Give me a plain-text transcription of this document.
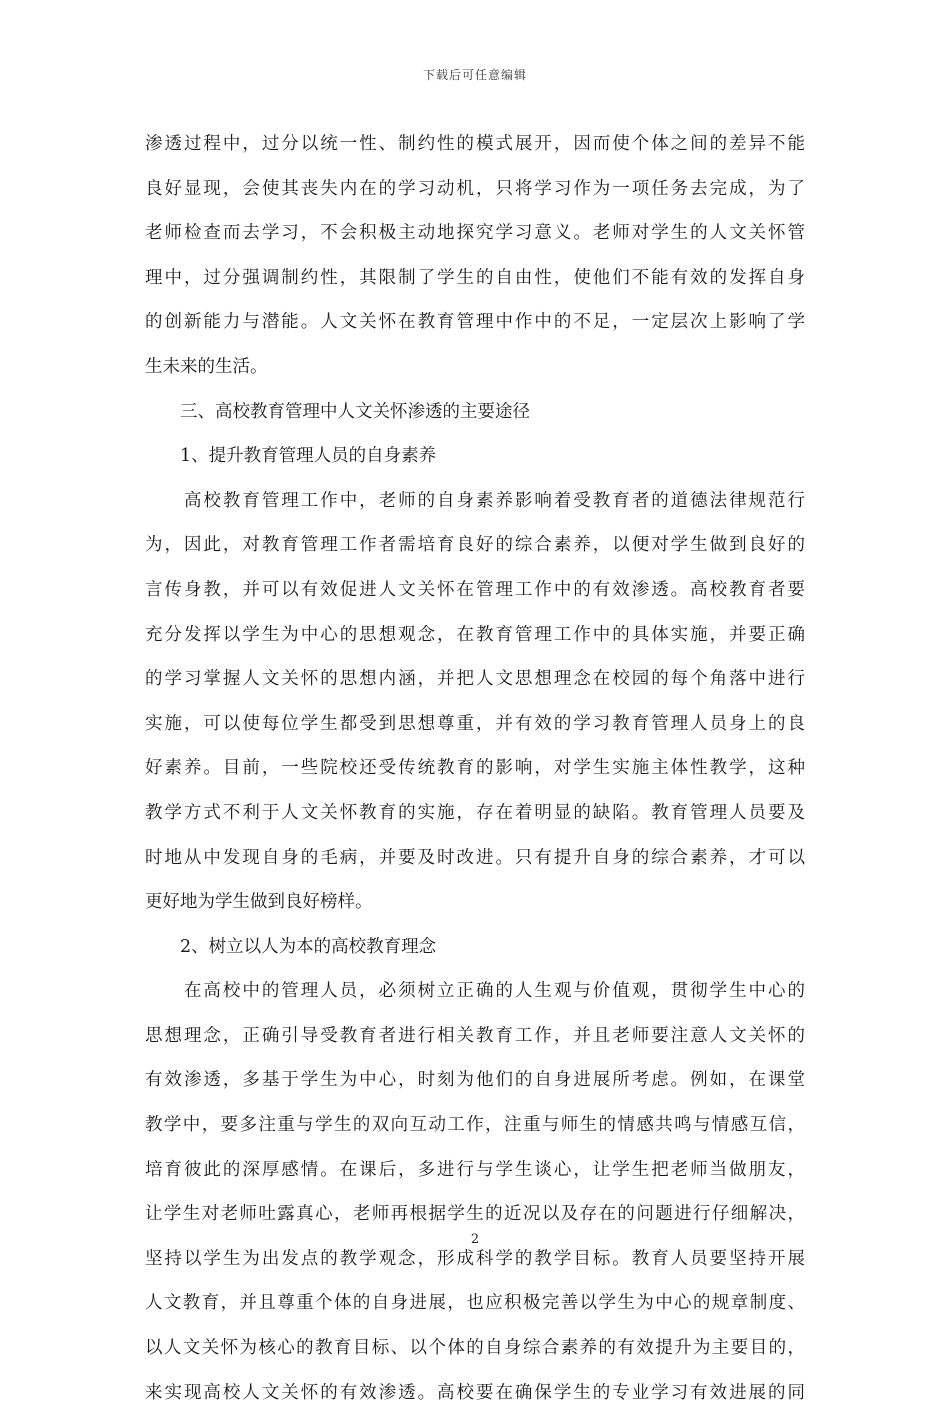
下载后可任意编辑
渗透过程中，过分以统一性、制约性的模式展开，因而使个体之间的差异不能
良好显现，会使其丧失内在的学习动机，只将学习作为一项任务去完成，为了
老师检查而去学习，不会积极主动地探究学习意义。老师对学生的人文关怀管
理中，过分强调制约性，其限制了学生的自由性，使他们不能有效的发挥自身
的创新能力与潜能。人文关怀在教育管理中作中的不足，一定层次上影响了学
生未来的生活。
　　三、高校教育管理中人文关怀渗透的主要途径
　　1、提升教育管理人员的自身素养
　　高校教育管理工作中，老师的自身素养影响着受教育者的道德法律规范行
为，因此，对教育管理工作者需培育良好的综合素养，以便对学生做到良好的
言传身教，并可以有效促进人文关怀在管理工作中的有效渗透。高校教育者要
充分发挥以学生为中心的思想观念，在教育管理工作中的具体实施，并要正确
的学习掌握人文关怀的思想内涵，并把人文思想理念在校园的每个角落中进行
实施，可以使每位学生都受到思想尊重，并有效的学习教育管理人员身上的良
好素养。目前，一些院校还受传统教育的影响，对学生实施主体性教学，这种
教学方式不利于人文关怀教育的实施，存在着明显的缺陷。教育管理人员要及
时地从中发现自身的毛病，并要及时改进。只有提升自身的综合素养，才可以
更好地为学生做到良好榜样。
　　2、树立以人为本的高校教育理念
　　在高校中的管理人员，必须树立正确的人生观与价值观，贯彻学生中心的
思想理念，正确引导受教育者进行相关教育工作，并且老师要注意人文关怀的
有效渗透，多基于学生为中心，时刻为他们的自身进展所考虑。例如，在课堂
教学中，要多注重与学生的双向互动工作，注重与师生的情感共鸣与情感互信，
培育彼此的深厚感情。在课后，多进行与学生谈心，让学生把老师当做朋友，
让学生对老师吐露真心，老师再根据学生的近况以及存在的问题进行仔细解决，
坚持以学生为出发点的教学观念，形成科学的教学目标。教育人员要坚持开展
人文教育，并且尊重个体的自身进展，也应积极完善以学生为中心的规章制度、
以人文关怀为核心的教育目标、以个体的自身综合素养的有效提升为主要目的，
来实现高校人文关怀的有效渗透。高校要在确保学生的专业学习有效进展的同
2
